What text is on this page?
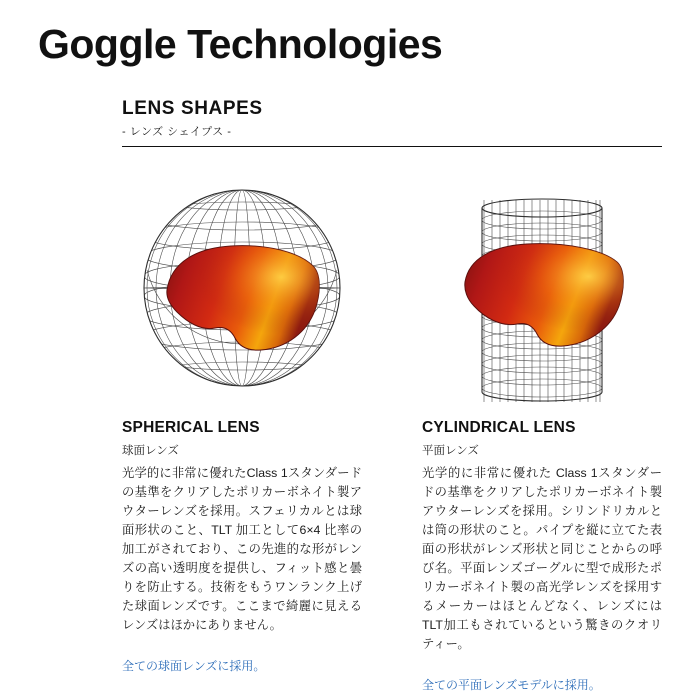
Goggle Technologies
LENS SHAPES
- レンズ シェイプス -
SPHERICAL LENS
球面レンズ
光学的に非常に優れたClass 1スタンダードの基準をクリアしたポリカーボネイト製アウターレンズを採用。スフェリカルとは球面形状のこと、TLT 加工として6×4 比率の加工がされており、この先進的な形がレンズの高い透明度を提供し、フィット感と曇りを防止する。技術をもうワンランク上げた球面レンズです。ここまで綺麗に見えるレンズはほかにありません。
全ての球面レンズに採用。
CYLINDRICAL LENS
平面レンズ
光学的に非常に優れた Class 1スタンダードの基準をクリアしたポリカーボネイト製アウターレンズを採用。シリンドリカルとは筒の形状のこと。パイプを縦に立てた表面の形状がレンズ形状と同じことからの呼び名。平面レンズゴーグルに型で成形たポリカーボネイト製の高光学レンズを採用するメーカーはほとんどなく、レンズにはTLT加工もされているという驚きのクオリティー。
全ての平面レンズモデルに採用。
